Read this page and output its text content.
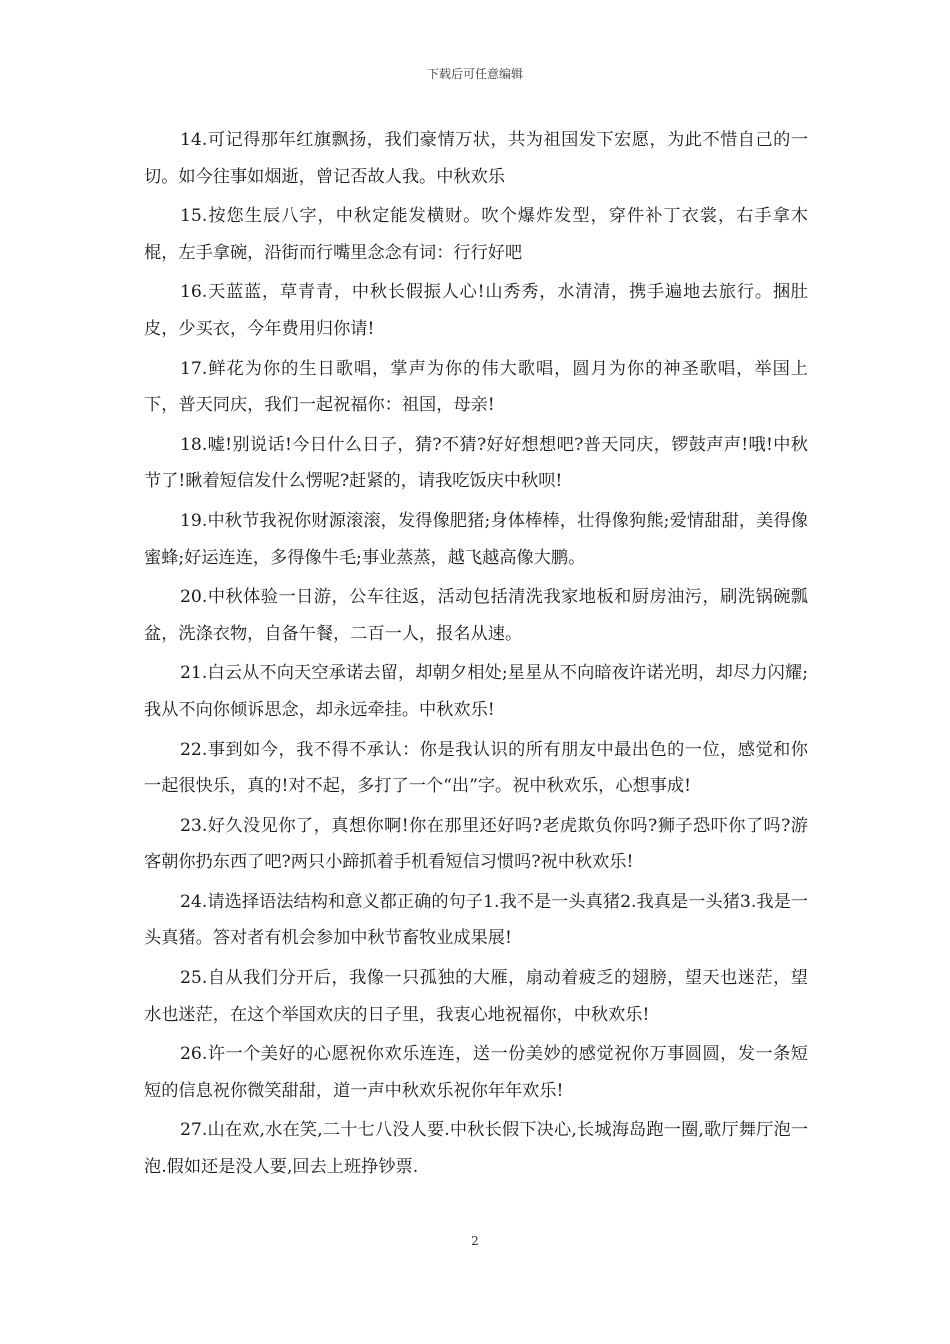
下载后可任意编辑

14.可记得那年红旗飘扬，我们豪情万状，共为祖国发下宏愿，为此不惜自己的一切。如今往事如烟逝，曾记否故人我。中秋欢乐

15.按您生辰八字，中秋定能发横财。吹个爆炸发型，穿件补丁衣裳，右手拿木棍，左手拿碗，沿街而行嘴里念念有词：行行好吧

16.天蓝蓝，草青青，中秋长假振人心!山秀秀，水清清，携手遍地去旅行。捆肚皮，少买衣，今年费用归你请!

17.鲜花为你的生日歌唱，掌声为你的伟大歌唱，圆月为你的神圣歌唱，举国上下，普天同庆，我们一起祝福你：祖国，母亲!

18.嘘!别说话!今日什么日子，猜?不猜?好好想想吧?普天同庆，锣鼓声声!哦!中秋节了!瞅着短信发什么愣呢?赶紧的，请我吃饭庆中秋呗!

19.中秋节我祝你财源滚滚，发得像肥猪;身体棒棒，壮得像狗熊;爱情甜甜，美得像蜜蜂;好运连连，多得像牛毛;事业蒸蒸，越飞越高像大鹏。

20.中秋体验一日游，公车往返，活动包括清洗我家地板和厨房油污，刷洗锅碗瓢盆，洗涤衣物，自备午餐，二百一人，报名从速。

21.白云从不向天空承诺去留，却朝夕相处;星星从不向暗夜许诺光明，却尽力闪耀;我从不向你倾诉思念，却永远牵挂。中秋欢乐!

22.事到如今，我不得不承认：你是我认识的所有朋友中最出色的一位，感觉和你一起很快乐，真的!对不起，多打了一个“出”字。祝中秋欢乐，心想事成!

23.好久没见你了，真想你啊!你在那里还好吗?老虎欺负你吗?狮子恐吓你了吗?游客朝你扔东西了吧?两只小蹄抓着手机看短信习惯吗?祝中秋欢乐!

24.请选择语法结构和意义都正确的句子1.我不是一头真猪2.我真是一头猪3.我是一头真猪。答对者有机会参加中秋节畜牧业成果展!

25.自从我们分开后，我像一只孤独的大雁，扇动着疲乏的翅膀，望天也迷茫，望水也迷茫，在这个举国欢庆的日子里，我衷心地祝福你，中秋欢乐!

26.许一个美好的心愿祝你欢乐连连，送一份美妙的感觉祝你万事圆圆，发一条短短的信息祝你微笑甜甜，道一声中秋欢乐祝你年年欢乐!

27.山在欢,水在笑,二十七八没人要.中秋长假下决心,长城海岛跑一圈,歌厅舞厅泡一泡.假如还是没人要,回去上班挣钞票.

2
